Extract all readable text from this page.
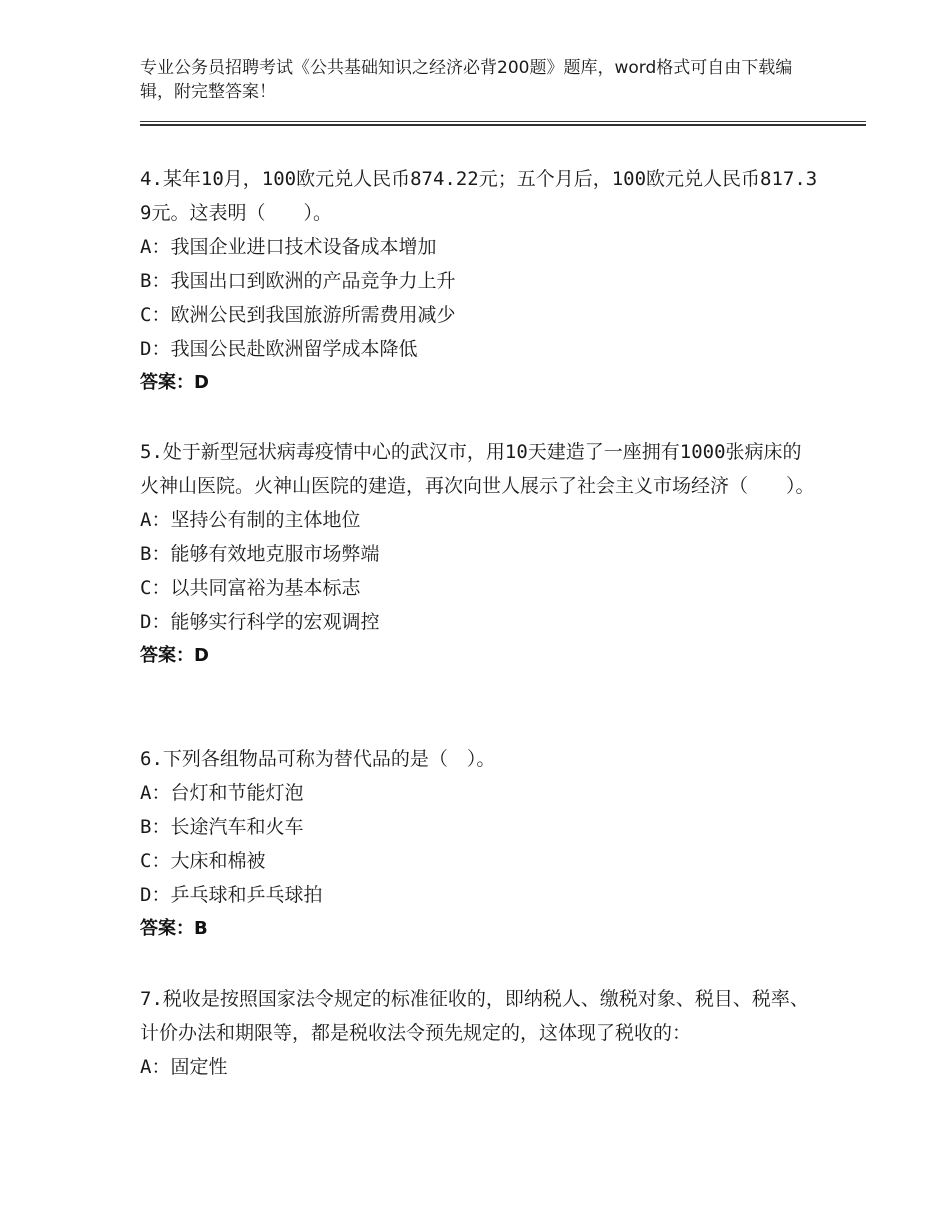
专业公务员招聘考试《公共基础知识之经济必背200题》题库，word格式可自由下载编辑，附完整答案！
4.某年10月，100欧元兑人民币874.22元；五个月后，100欧元兑人民币817.39元。这表明（　　）。
A：我国企业进口技术设备成本增加
B：我国出口到欧洲的产品竞争力上升
C：欧洲公民到我国旅游所需费用减少
D：我国公民赴欧洲留学成本降低
答案：D
5.处于新型冠状病毒疫情中心的武汉市，用10天建造了一座拥有1000张病床的火神山医院。火神山医院的建造，再次向世人展示了社会主义市场经济（　　）。
A：坚持公有制的主体地位
B：能够有效地克服市场弊端
C：以共同富裕为基本标志
D：能够实行科学的宏观调控
答案：D
6.下列各组物品可称为替代品的是（　）。
A：台灯和节能灯泡
B：长途汽车和火车
C：大床和棉被
D：乒乓球和乒乓球拍
答案：B
7.税收是按照国家法令规定的标准征收的，即纳税人、缴税对象、税目、税率、计价办法和期限等，都是税收法令预先规定的，这体现了税收的：
A：固定性
